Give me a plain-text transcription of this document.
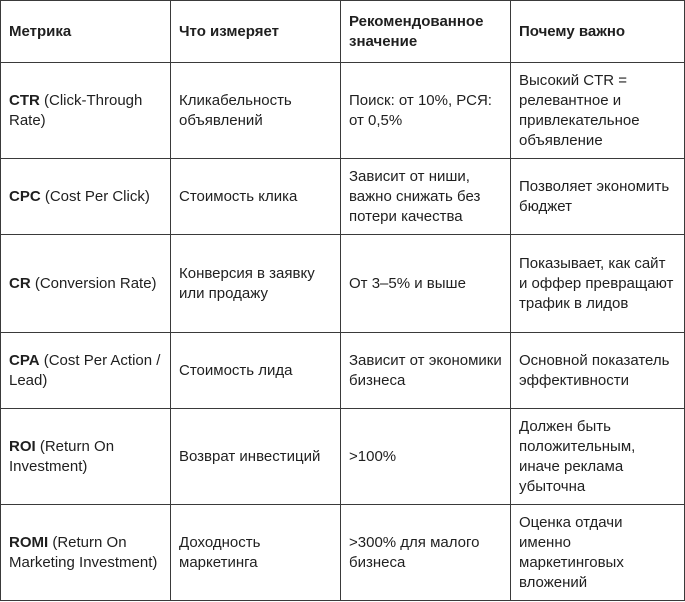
Метрика	Что измеряет	Рекомендованное значение	Почему важно
CTR (Click-Through Rate)	Кликабельность объявлений	Поиск: от 10%, РСЯ: от 0,5%	Высокий CTR = релевантное и привлекательное объявление
CPC (Cost Per Click)	Стоимость клика	Зависит от ниши, важно снижать без потери качества	Позволяет экономить бюджет
CR (Conversion Rate)	Конверсия в заявку или продажу	От 3–5% и выше	Показывает, как сайт и оффер превращают трафик в лидов
CPA (Cost Per Action / Lead)	Стоимость лида	Зависит от экономики бизнеса	Основной показатель эффективности
ROI (Return On Investment)	Возврат инвестиций	>100%	Должен быть положительным, иначе реклама убыточна
ROMI (Return On Marketing Investment)	Доходность маркетинга	>300% для малого бизнеса	Оценка отдачи именно маркетинговых вложений
